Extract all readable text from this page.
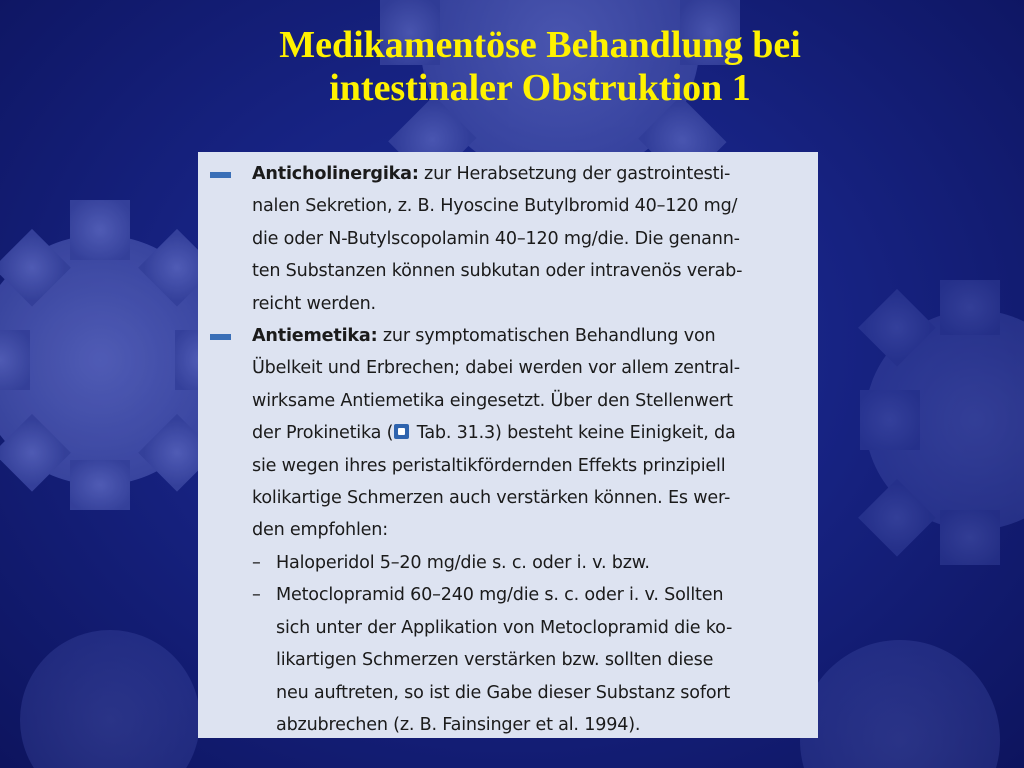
Medikamentöse Behandlung bei
intestinaler Obstruktion 1
Anticholinergika: zur Herabsetzung der gastrointesti-
nalen Sekretion, z. B. Hyoscine Butylbromid 40–120 mg/
die oder N-Butylscopolamin 40–120 mg/die. Die genann-
ten Substanzen können subkutan oder intravenös verab-
reicht werden.
Antiemetika: zur symptomatischen Behandlung von
Übelkeit und Erbrechen; dabei werden vor allem zentral-
wirksame Antiemetika eingesetzt. Über den Stellenwert
der Prokinetika ( Tab. 31.3) besteht keine Einigkeit, da
sie wegen ihres peristaltikfördernden Effekts prinzipiell
kolikartige Schmerzen auch verstärken können. Es wer-
den empfohlen:
– Haloperidol 5–20 mg/die s. c. oder i. v. bzw.
– Metoclopramid 60–240 mg/die s. c. oder i. v. Sollten
sich unter der Applikation von Metoclopramid die ko-
likartigen Schmerzen verstärken bzw. sollten diese
neu auftreten, so ist die Gabe dieser Substanz sofort
abzubrechen (z. B. Fainsinger et al. 1994).
